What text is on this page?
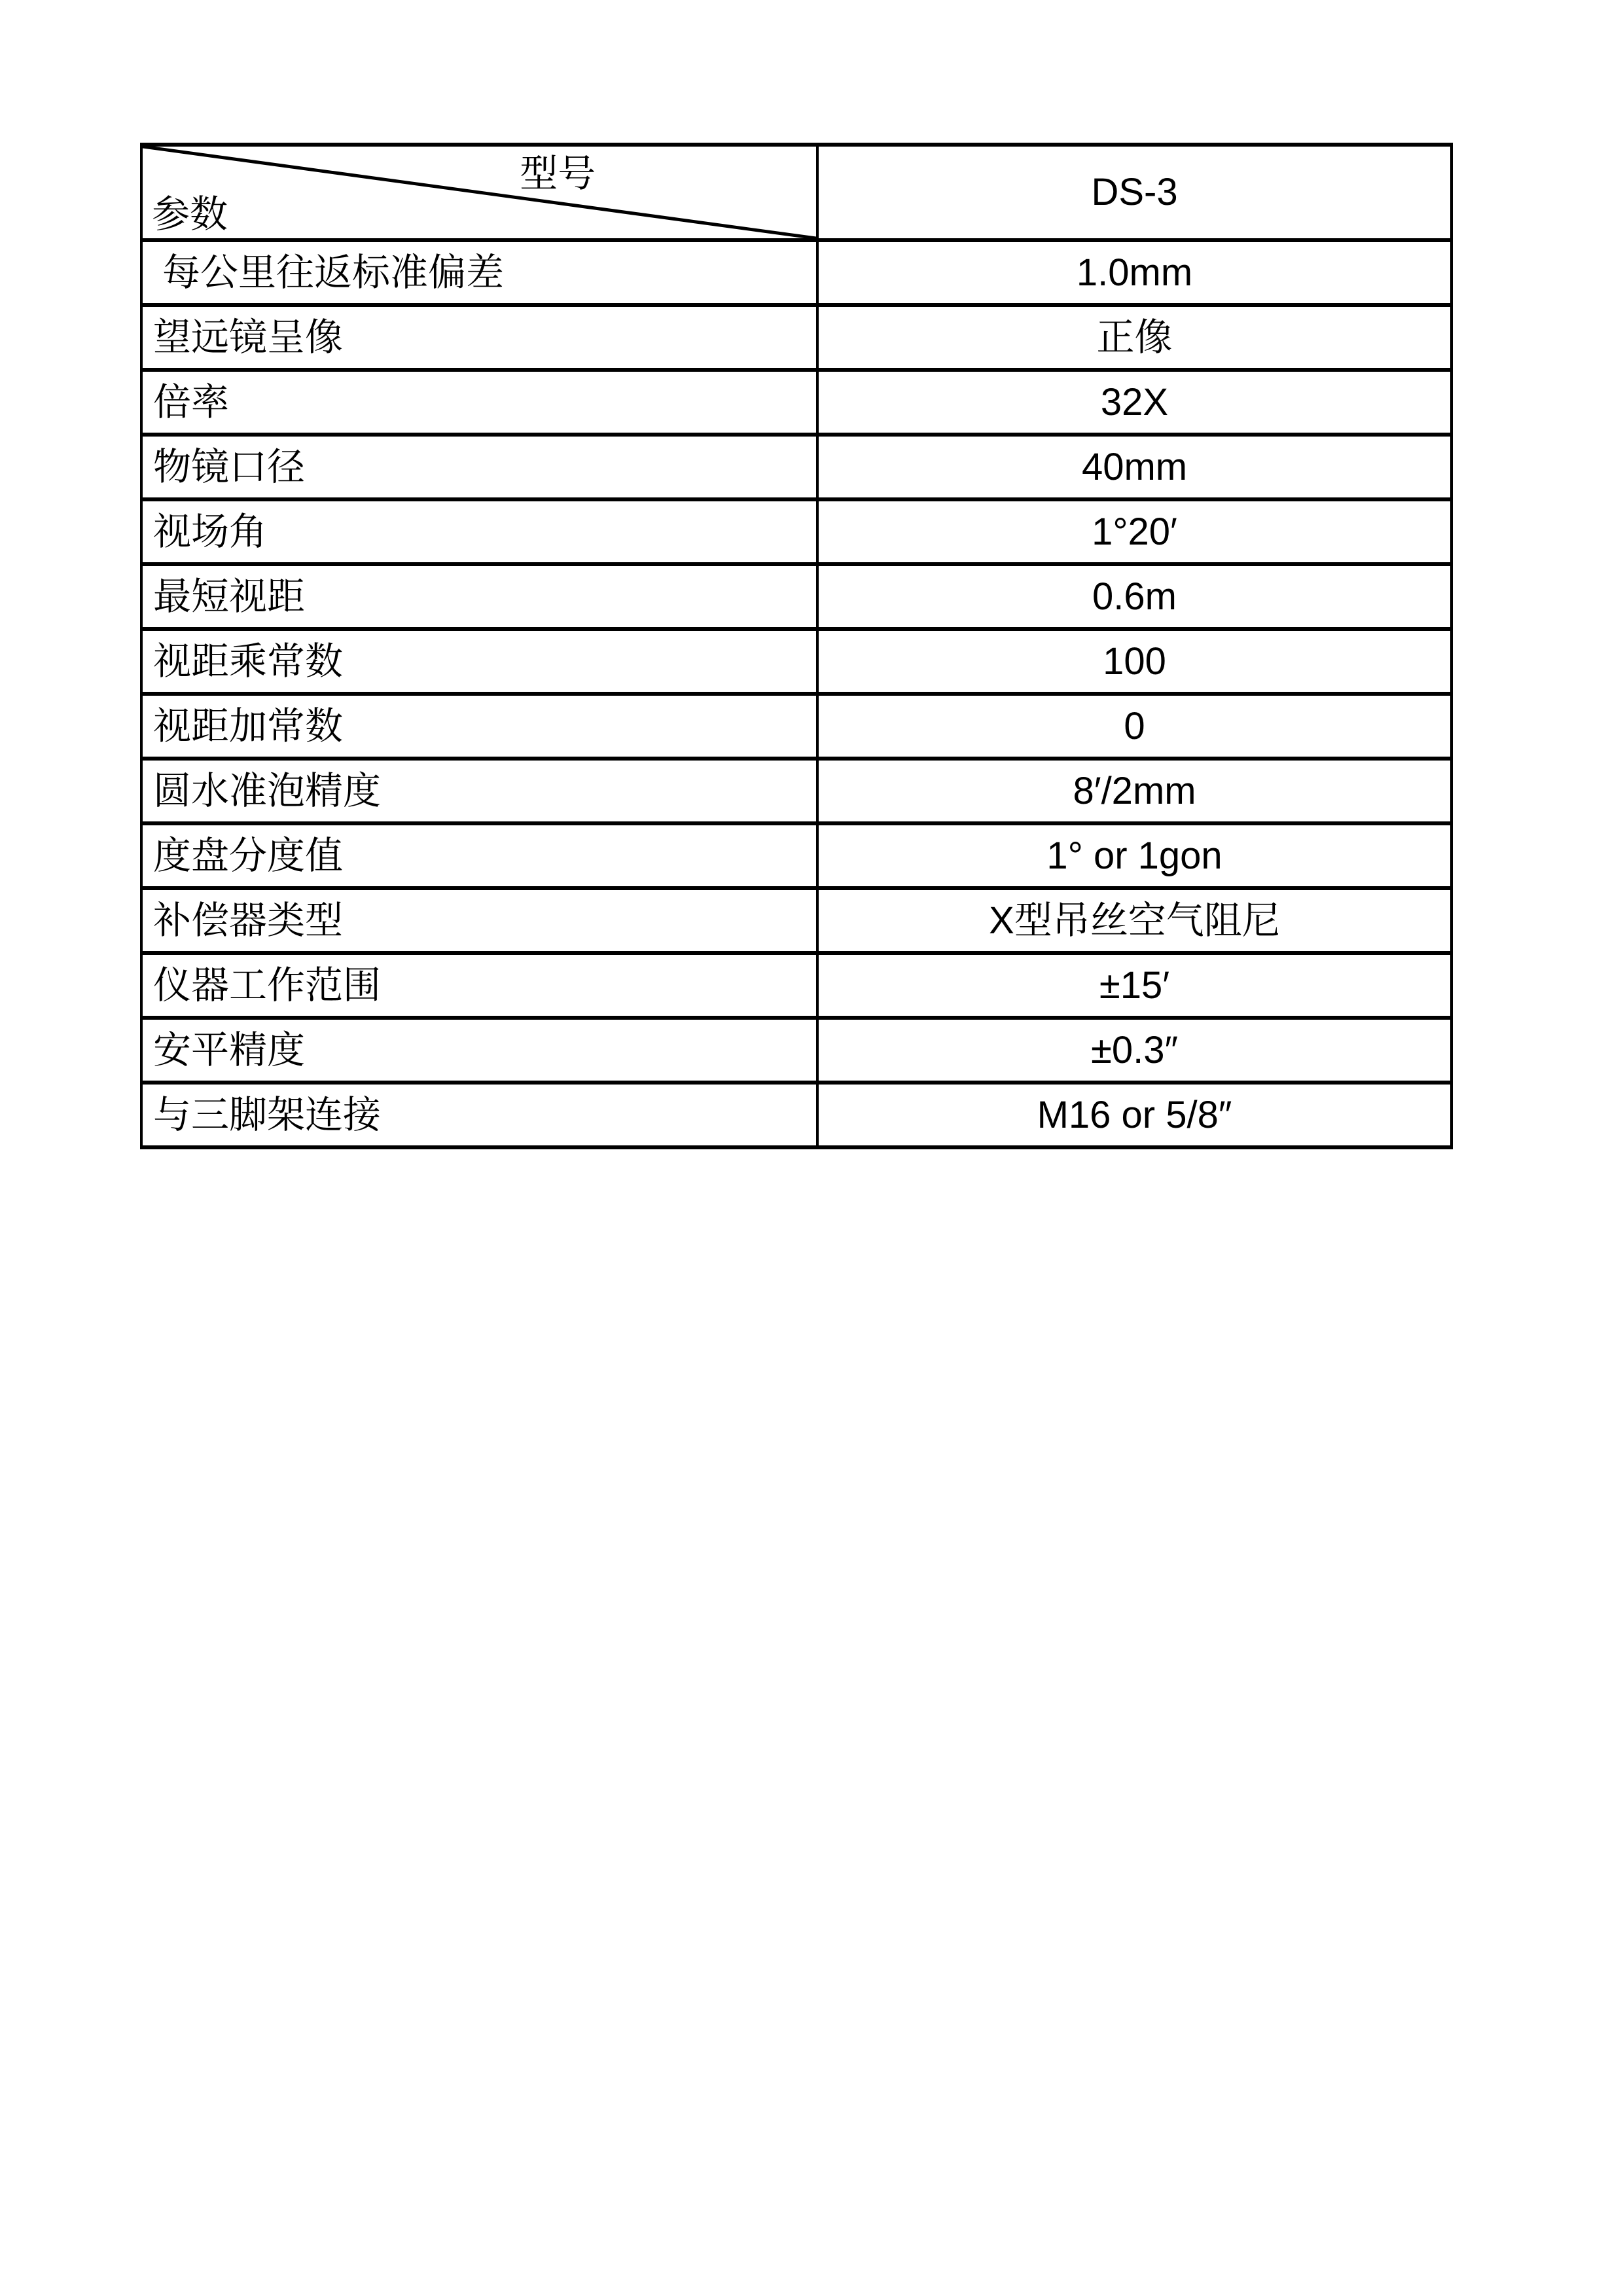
型号
参数	DS-3
每公里往返标准偏差	1.0mm
望远镜呈像	正像
倍率	32X
物镜口径	40mm
视场角	1°20′
最短视距	0.6m
视距乘常数	100
视距加常数	0
圆水准泡精度	8′/2mm
度盘分度值	1° or 1gon
补偿器类型	X型吊丝空气阻尼
仪器工作范围	±15′
安平精度	±0.3″
与三脚架连接	M16 or 5/8″
